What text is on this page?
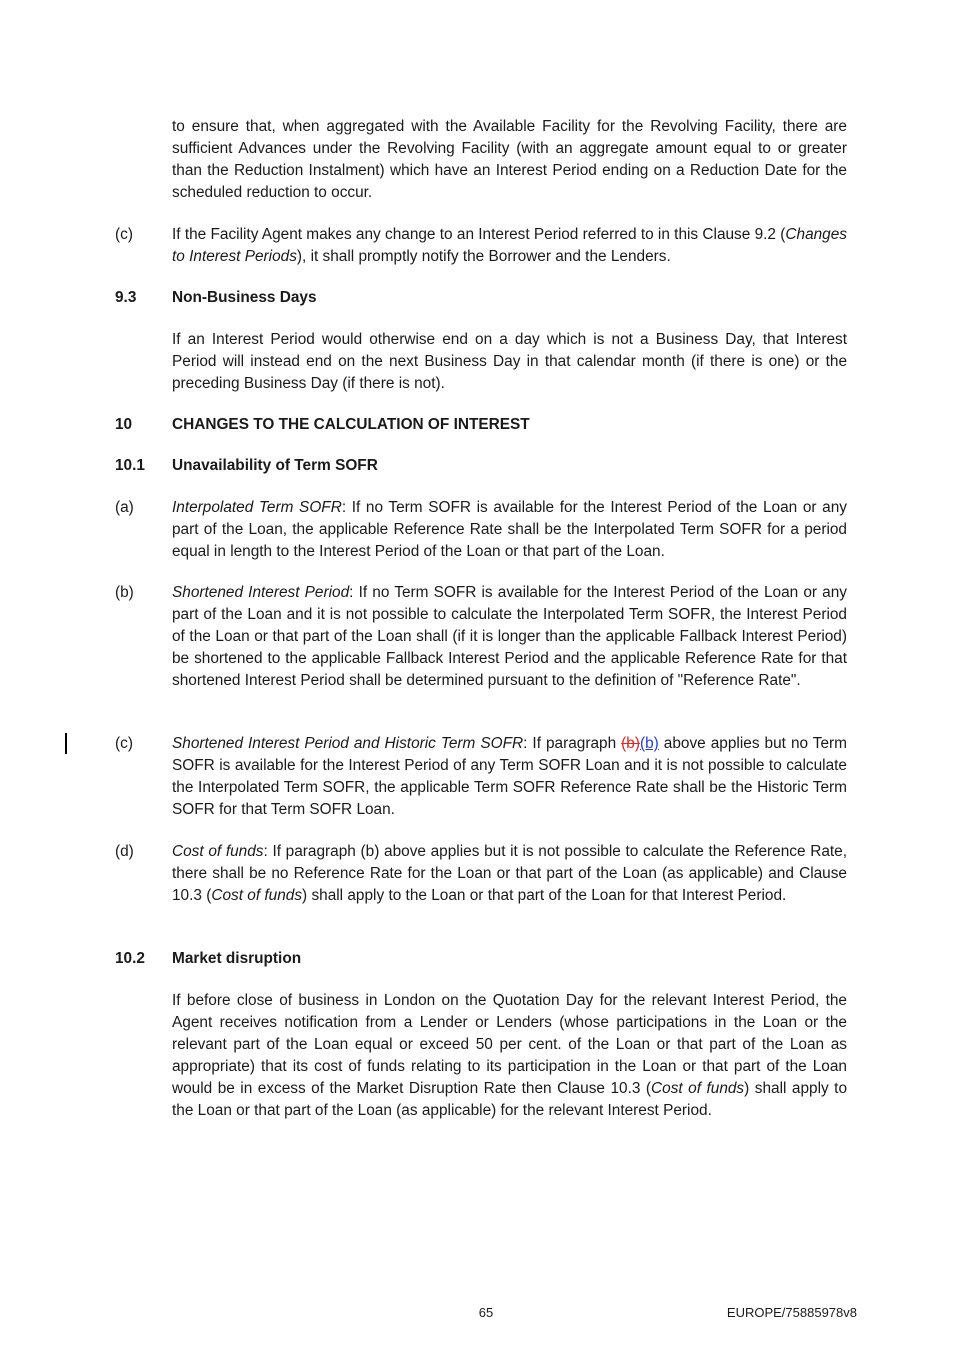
to ensure that, when aggregated with the Available Facility for the Revolving Facility, there are sufficient Advances under the Revolving Facility (with an aggregate amount equal to or greater than the Reduction Instalment) which have an Interest Period ending on a Reduction Date for the scheduled reduction to occur.
(c)	If the Facility Agent makes any change to an Interest Period referred to in this Clause 9.2 (Changes to Interest Periods), it shall promptly notify the Borrower and the Lenders.
9.3	Non-Business Days
If an Interest Period would otherwise end on a day which is not a Business Day, that Interest Period will instead end on the next Business Day in that calendar month (if there is one) or the preceding Business Day (if there is not).
10	CHANGES TO THE CALCULATION OF INTEREST
10.1	Unavailability of Term SOFR
(a)	Interpolated Term SOFR: If no Term SOFR is available for the Interest Period of the Loan or any part of the Loan, the applicable Reference Rate shall be the Interpolated Term SOFR for a period equal in length to the Interest Period of the Loan or that part of the Loan.
(b)	Shortened Interest Period: If no Term SOFR is available for the Interest Period of the Loan or any part of the Loan and it is not possible to calculate the Interpolated Term SOFR, the Interest Period of the Loan or that part of the Loan shall (if it is longer than the applicable Fallback Interest Period) be shortened to the applicable Fallback Interest Period and the applicable Reference Rate for that shortened Interest Period shall be determined pursuant to the definition of "Reference Rate".
(c)	Shortened Interest Period and Historic Term SOFR: If paragraph (b)(b) above applies but no Term SOFR is available for the Interest Period of any Term SOFR Loan and it is not possible to calculate the Interpolated Term SOFR, the applicable Term SOFR Reference Rate shall be the Historic Term SOFR for that Term SOFR Loan.
(d)	Cost of funds: If paragraph (b) above applies but it is not possible to calculate the Reference Rate, there shall be no Reference Rate for the Loan or that part of the Loan (as applicable) and Clause 10.3 (Cost of funds) shall apply to the Loan or that part of the Loan for that Interest Period.
10.2	Market disruption
If before close of business in London on the Quotation Day for the relevant Interest Period, the Agent receives notification from a Lender or Lenders (whose participations in the Loan or the relevant part of the Loan equal or exceed 50 per cent. of the Loan or that part of the Loan as appropriate) that its cost of funds relating to its participation in the Loan or that part of the Loan would be in excess of the Market Disruption Rate then Clause 10.3 (Cost of funds) shall apply to the Loan or that part of the Loan (as applicable) for the relevant Interest Period.
65	EUROPE/75885978v8
